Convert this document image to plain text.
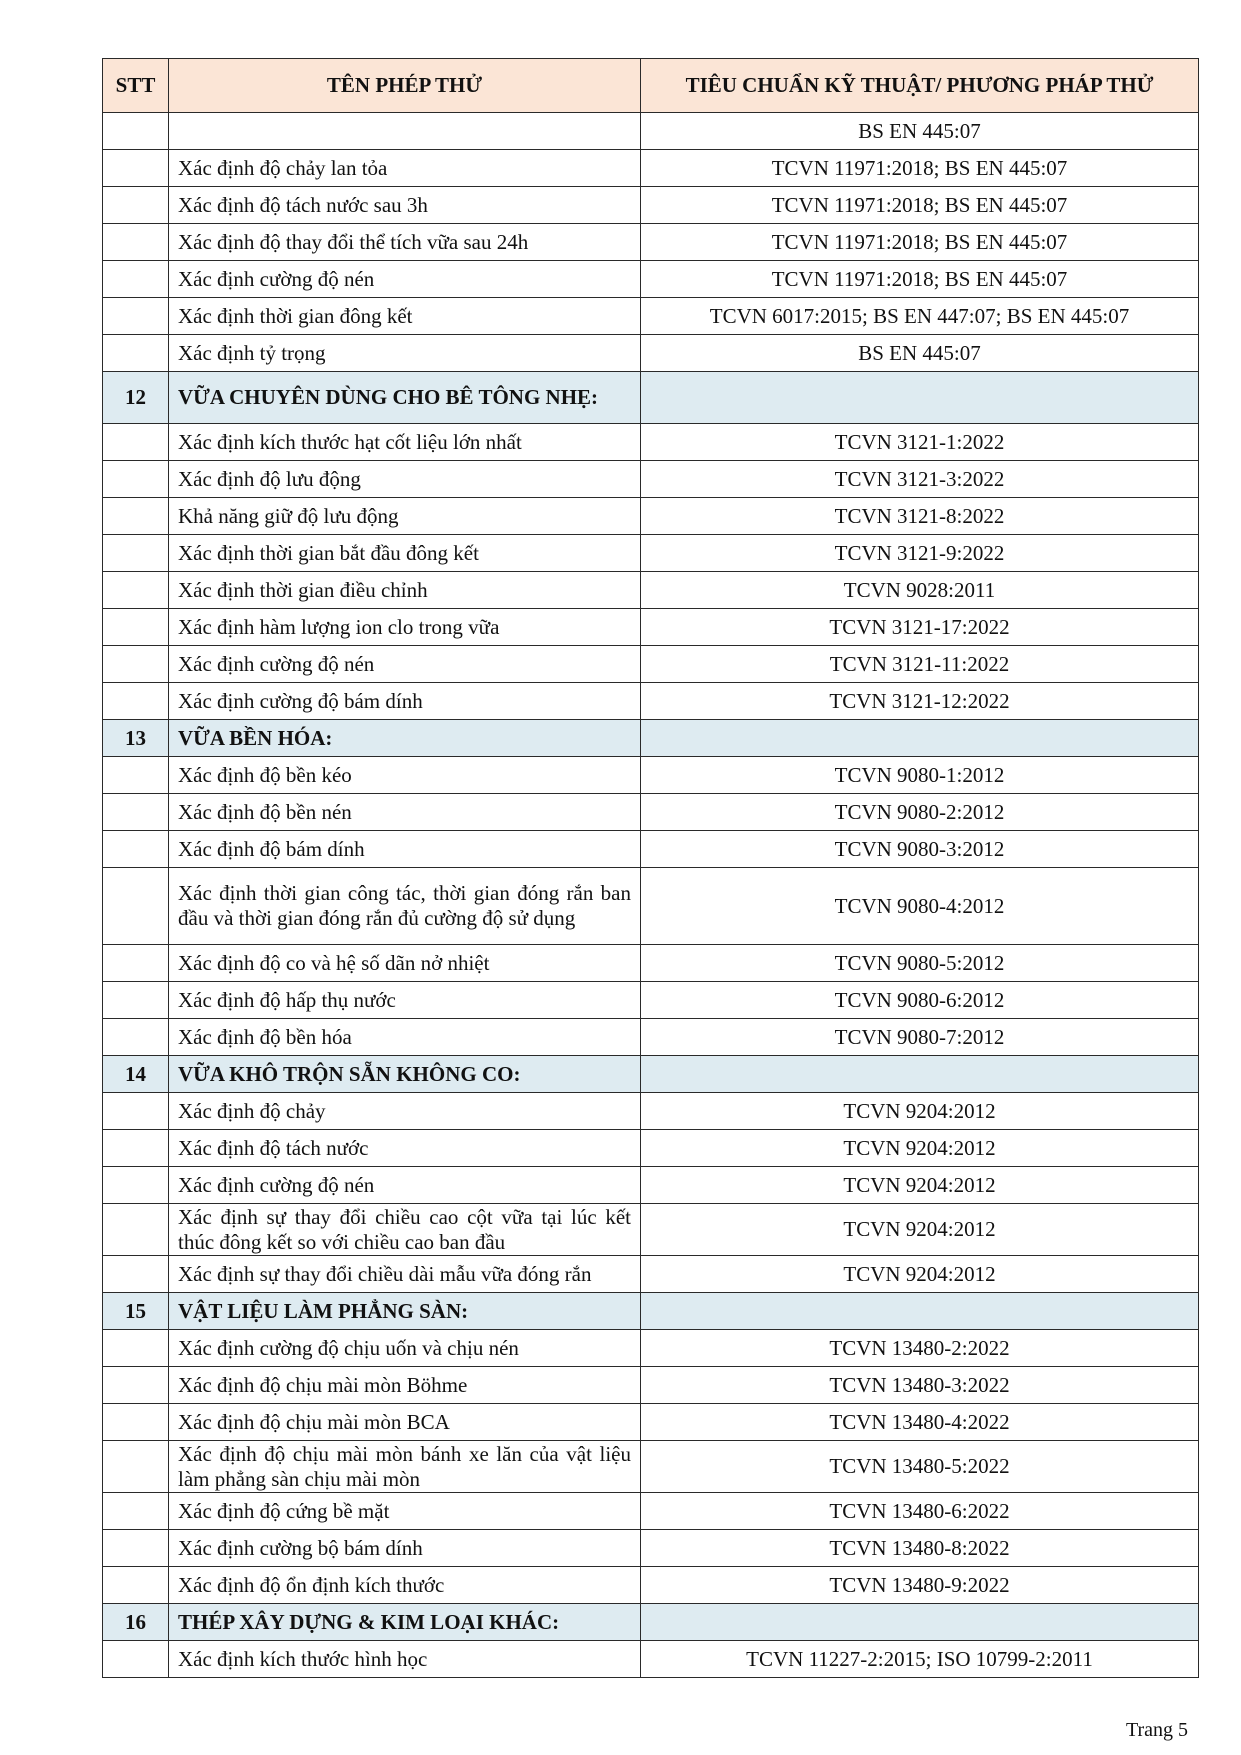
STT	TÊN PHÉP THỬ	TIÊU CHUẨN KỸ THUẬT/ PHƯƠNG PHÁP THỬ
		BS EN 445:07
	Xác định độ chảy lan tỏa	TCVN 11971:2018; BS EN 445:07
	Xác định độ tách nước sau 3h	TCVN 11971:2018; BS EN 445:07
	Xác định độ thay đổi thể tích vữa sau 24h	TCVN 11971:2018; BS EN 445:07
	Xác định cường độ nén	TCVN 11971:2018; BS EN 445:07
	Xác định thời gian đông kết	TCVN 6017:2015; BS EN 447:07; BS EN 445:07
	Xác định tỷ trọng	BS EN 445:07
12	VỮA CHUYÊN DÙNG CHO BÊ TÔNG NHẸ:	
	Xác định kích thước hạt cốt liệu lớn nhất	TCVN 3121-1:2022
	Xác định độ lưu động	TCVN 3121-3:2022
	Khả năng giữ độ lưu động	TCVN 3121-8:2022
	Xác định thời gian bắt đầu đông kết	TCVN 3121-9:2022
	Xác định thời gian điều chỉnh	TCVN 9028:2011
	Xác định hàm lượng ion clo trong vữa	TCVN 3121-17:2022
	Xác định cường độ nén	TCVN 3121-11:2022
	Xác định cường độ bám dính	TCVN 3121-12:2022
13	VỮA BỀN HÓA:	
	Xác định độ bền kéo	TCVN 9080-1:2012
	Xác định độ bền nén	TCVN 9080-2:2012
	Xác định độ bám dính	TCVN 9080-3:2012
	Xác định thời gian công tác, thời gian đóng rắn ban đầu và thời gian đóng rắn đủ cường độ sử dụng	TCVN 9080-4:2012
	Xác định độ co và hệ số dãn nở nhiệt	TCVN 9080-5:2012
	Xác định độ hấp thụ nước	TCVN 9080-6:2012
	Xác định độ bền hóa	TCVN 9080-7:2012
14	VỮA KHÔ TRỘN SẴN KHÔNG CO:	
	Xác định độ chảy	TCVN 9204:2012
	Xác định độ tách nước	TCVN 9204:2012
	Xác định cường độ nén	TCVN 9204:2012
	Xác định sự thay đổi chiều cao cột vữa tại lúc kết thúc đông kết so với chiều cao ban đầu	TCVN 9204:2012
	Xác định sự thay đổi chiều dài mẫu vữa đóng rắn	TCVN 9204:2012
15	VẬT LIỆU LÀM PHẲNG SÀN:	
	Xác định cường độ chịu uốn và chịu nén	TCVN 13480-2:2022
	Xác định độ chịu mài mòn Böhme	TCVN 13480-3:2022
	Xác định độ chịu mài mòn BCA	TCVN 13480-4:2022
	Xác định độ chịu mài mòn bánh xe lăn của vật liệu làm phẳng sàn chịu mài mòn	TCVN 13480-5:2022
	Xác định độ cứng bề mặt	TCVN 13480-6:2022
	Xác định cường bộ bám dính	TCVN 13480-8:2022
	Xác định độ ổn định kích thước	TCVN 13480-9:2022
16	THÉP XÂY DỰNG & KIM LOẠI KHÁC:	
	Xác định kích thước hình học	TCVN 11227-2:2015; ISO 10799-2:2011
Trang 5
